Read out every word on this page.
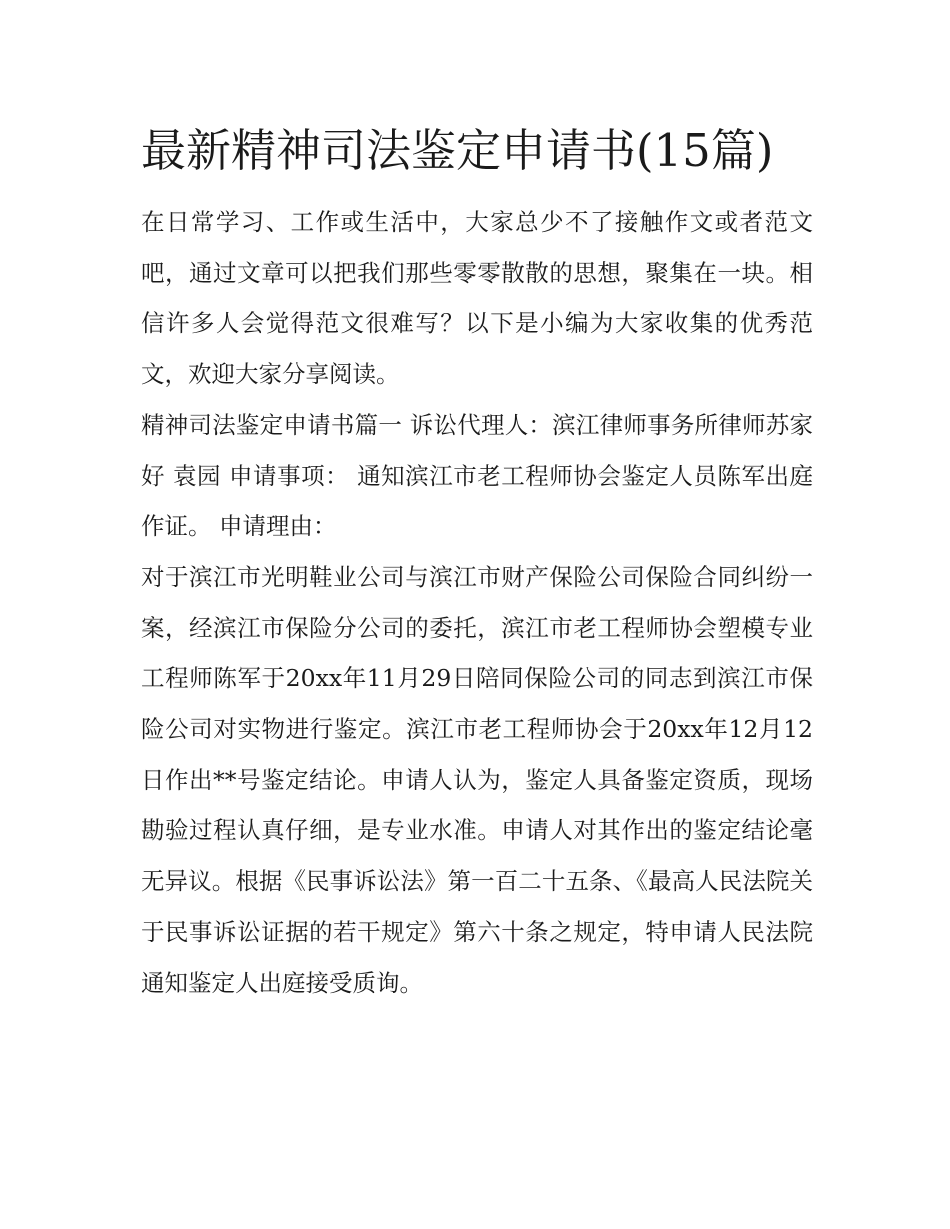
最新精神司法鉴定申请书(15篇)

在日常学习、工作或生活中，大家总少不了接触作文或者范文吧，通过文章可以把我们那些零零散散的思想，聚集在一块。相信许多人会觉得范文很难写？以下是小编为大家收集的优秀范文，欢迎大家分享阅读。

精神司法鉴定申请书篇一 诉讼代理人：滨江律师事务所律师苏家好 袁园 申请事项： 通知滨江市老工程师协会鉴定人员陈军出庭作证。 申请理由：

对于滨江市光明鞋业公司与滨江市财产保险公司保险合同纠纷一案，经滨江市保险分公司的委托，滨江市老工程师协会塑模专业工程师陈军于20xx年11月29日陪同保险公司的同志到滨江市保险公司对实物进行鉴定。滨江市老工程师协会于20xx年12月12日作出**号鉴定结论。申请人认为，鉴定人具备鉴定资质，现场勘验过程认真仔细，是专业水准。申请人对其作出的鉴定结论毫无异议。根据《民事诉讼法》第一百二十五条、《最高人民法院关于民事诉讼证据的若干规定》第六十条之规定，特申请人民法院通知鉴定人出庭接受质询。
